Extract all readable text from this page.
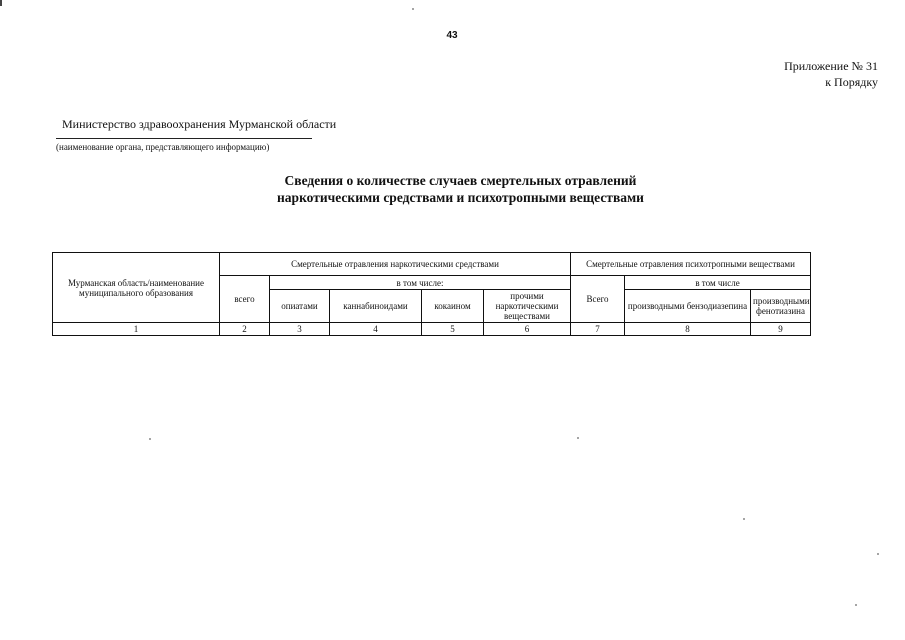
43
Приложение № 31
к Порядку
Министерство здравоохранения Мурманской области
(наименование органа, представляющего информацию)
Сведения о количестве случаев смертельных отравлений
наркотическими средствами и психотропными веществами
Мурманская область/наименование муниципального образования	Смертельные отравления наркотическими средствами					Смертельные отравления психотропными веществами		
	всего	в том числе:				Всего	в том числе	
		опиатами	каннабиноидами	кокаином	прочими наркотическими веществами		производными бензодиазепина	производными фенотиазина
1	2	3	4	5	6	7	8	9
